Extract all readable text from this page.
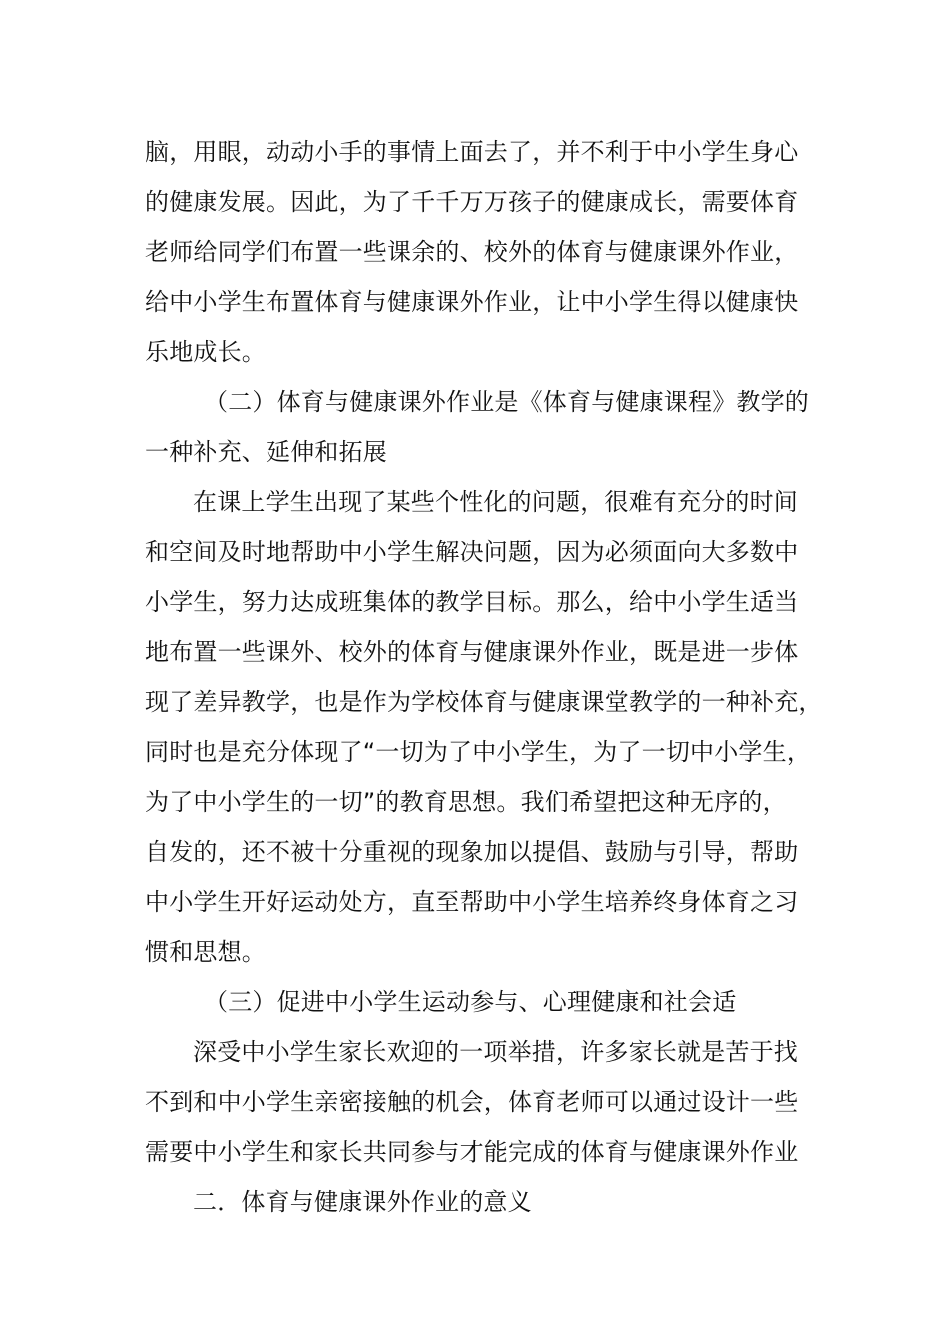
脑，用眼，动动小手的事情上面去了，并不利于中小学生身心
的健康发展。因此，为了千千万万孩子的健康成长，需要体育
老师给同学们布置一些课余的、校外的体育与健康课外作业，
给中小学生布置体育与健康课外作业，让中小学生得以健康快
乐地成长。
（二）体育与健康课外作业是《体育与健康课程》教学的
一种补充、延伸和拓展
在课上学生出现了某些个性化的问题，很难有充分的时间
和空间及时地帮助中小学生解决问题，因为必须面向大多数中
小学生，努力达成班集体的教学目标。那么，给中小学生适当
地布置一些课外、校外的体育与健康课外作业，既是进一步体
现了差异教学，也是作为学校体育与健康课堂教学的一种补充，
同时也是充分体现了“一切为了中小学生，为了一切中小学生，
为了中小学生的一切”的教育思想。我们希望把这种无序的，
自发的，还不被十分重视的现象加以提倡、鼓励与引导，帮助
中小学生开好运动处方，直至帮助中小学生培养终身体育之习
惯和思想。
（三）促进中小学生运动参与、心理健康和社会适
深受中小学生家长欢迎的一项举措，许多家长就是苦于找
不到和中小学生亲密接触的机会，体育老师可以通过设计一些
需要中小学生和家长共同参与才能完成的体育与健康课外作业
二．体育与健康课外作业的意义
